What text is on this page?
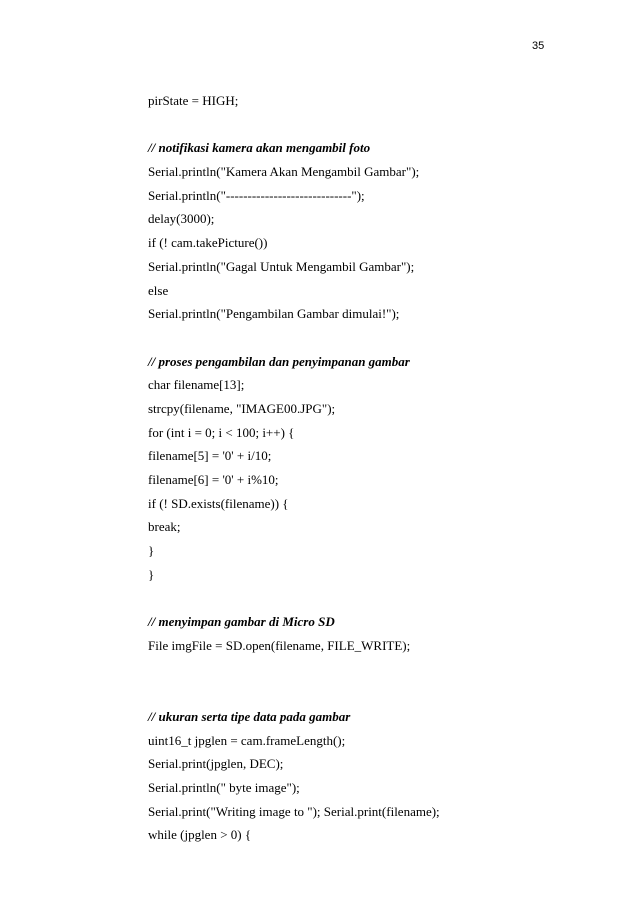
35
pirState = HIGH;
// notifikasi kamera akan mengambil foto
Serial.println("Kamera Akan Mengambil Gambar");
Serial.println("-----------------------------");
delay(3000);
if (! cam.takePicture())
Serial.println("Gagal Untuk Mengambil Gambar");
else
Serial.println("Pengambilan Gambar dimulai!");
// proses pengambilan dan penyimpanan gambar
char filename[13];
strcpy(filename, "IMAGE00.JPG");
for (int i = 0; i < 100; i++) {
filename[5] = '0' + i/10;
filename[6] = '0' + i%10;
if (! SD.exists(filename)) {
break;
}
}
// menyimpan gambar di Micro SD
File imgFile = SD.open(filename, FILE_WRITE);
// ukuran serta tipe data pada gambar
uint16_t jpglen = cam.frameLength();
Serial.print(jpglen, DEC);
Serial.println(" byte image");
Serial.print("Writing image to "); Serial.print(filename);
while (jpglen > 0) {
